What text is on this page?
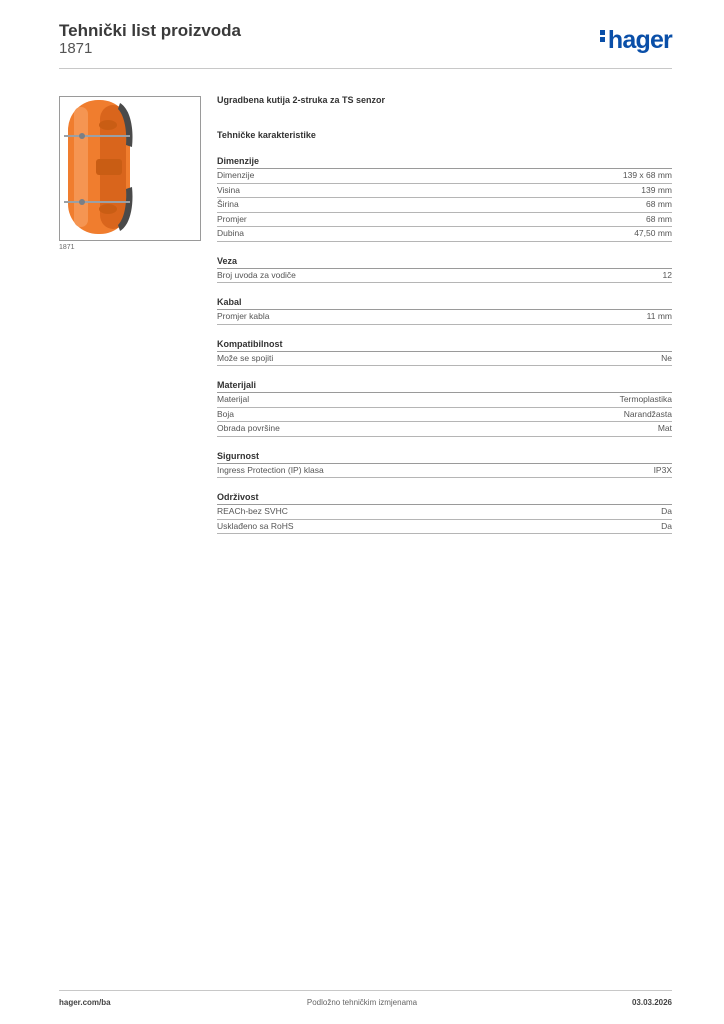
Tehnički list proizvoda
1871	hager
1871
Ugradbena kutija 2-struka za TS senzor
Tehničke karakteristike
Dimenzije
Dimenzije	139 x 68 mm
Visina	139 mm
Širina	68 mm
Promjer	68 mm
Dubina	47,50 mm
Veza
Broj uvoda za vodiče	12
Kabal
Promjer kabla	11 mm
Kompatibilnost
Može se spojiti	Ne
Materijali
Materijal	Termoplastika
Boja	Narandžasta
Obrada površine	Mat
Sigurnost
Ingress Protection (IP) klasa	IP3X
Održivost
REACh-bez SVHC	Da
Usklađeno sa RoHS	Da
hager.com/ba	Podložno tehničkim izmjenama	03.03.2026
